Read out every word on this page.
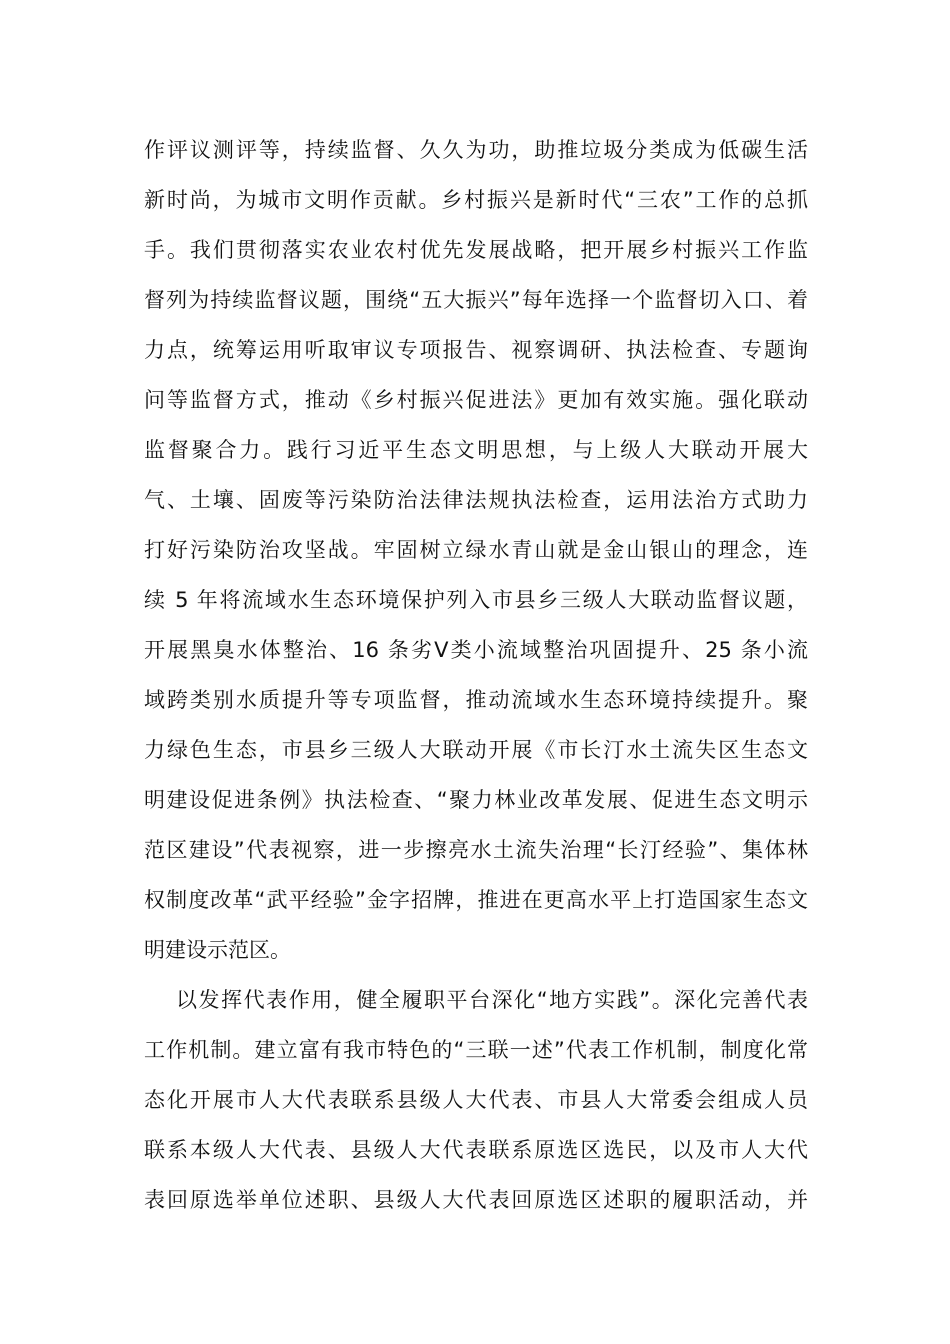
作评议测评等，持续监督、久久为功，助推垃圾分类成为低碳生活
新时尚，为城市文明作贡献。乡村振兴是新时代“三农”工作的总抓
手。我们贯彻落实农业农村优先发展战略，把开展乡村振兴工作监
督列为持续监督议题，围绕“五大振兴”每年选择一个监督切入口、着
力点，统筹运用听取审议专项报告、视察调研、执法检查、专题询
问等监督方式，推动《乡村振兴促进法》更加有效实施。强化联动
监督聚合力。践行习近平生态文明思想，与上级人大联动开展大
气、土壤、固废等污染防治法律法规执法检查，运用法治方式助力
打好污染防治攻坚战。牢固树立绿水青山就是金山银山的理念，连
续 5 年将流域水生态环境保护列入市县乡三级人大联动监督议题，
开展黑臭水体整治、16 条劣Ⅴ类小流域整治巩固提升、25 条小流
域跨类别水质提升等专项监督，推动流域水生态环境持续提升。聚
力绿色生态，市县乡三级人大联动开展《市长汀水土流失区生态文
明建设促进条例》执法检查、“聚力林业改革发展、促进生态文明示
范区建设”代表视察，进一步擦亮水土流失治理“长汀经验”、集体林
权制度改革“武平经验”金字招牌，推进在更高水平上打造国家生态文
明建设示范区。
以发挥代表作用，健全履职平台深化“地方实践”。深化完善代表
工作机制。建立富有我市特色的“三联一述”代表工作机制，制度化常
态化开展市人大代表联系县级人大代表、市县人大常委会组成人员
联系本级人大代表、县级人大代表联系原选区选民，以及市人大代
表回原选举单位述职、县级人大代表回原选区述职的履职活动，并
